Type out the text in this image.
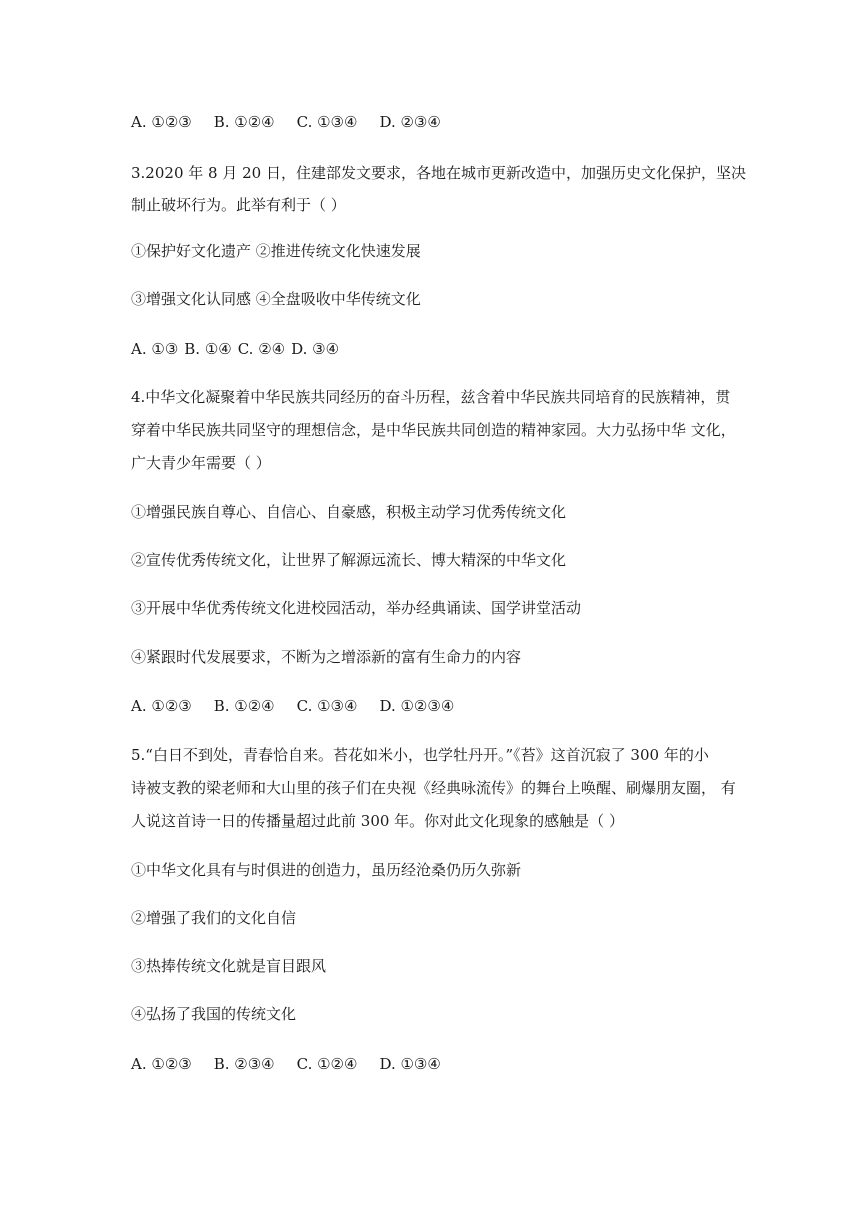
A. ①②③ B. ①②④ C. ①③④ D. ②③④
3.2020 年 8 月 20 日，住建部发文要求，各地在城市更新改造中，加强历史文化保护，坚决
制止破坏行为。此举有利于（ ）
①保护好文化遗产 ②推进传统文化快速发展
③增强文化认同感 ④全盘吸收中华传统文化
A. ①③ B. ①④ C. ②④ D. ③④
4.中华文化凝聚着中华民族共同经历的奋斗历程，兹含着中华民族共同培育的民族精神，贯
穿着中华民族共同坚守的理想信念，是中华民族共同创造的精神家园。大力弘扬中华 文化，
广大青少年需要（ ）
①增强民族自尊心、自信心、自豪感，积极主动学习优秀传统文化
②宣传优秀传统文化，让世界了解源远流长、博大精深的中华文化
③开展中华优秀传统文化进校园活动，举办经典诵读、国学讲堂活动
④紧跟时代发展要求，不断为之增添新的富有生命力的内容
A. ①②③ B. ①②④ C. ①③④ D. ①②③④
5.“白日不到处，青春恰自来。苔花如米小，也学牡丹开。”《苔》这首沉寂了 300 年的小
诗被支教的梁老师和大山里的孩子们在央视《经典咏流传》的舞台上唤醒、刷爆朋友圈， 有
人说这首诗一日的传播量超过此前 300 年。你对此文化现象的感触是（ ）
①中华文化具有与时俱进的创造力，虽历经沧桑仍历久弥新
②增强了我们的文化自信
③热捧传统文化就是盲目跟风
④弘扬了我国的传统文化
A. ①②③ B. ②③④ C. ①②④ D. ①③④
